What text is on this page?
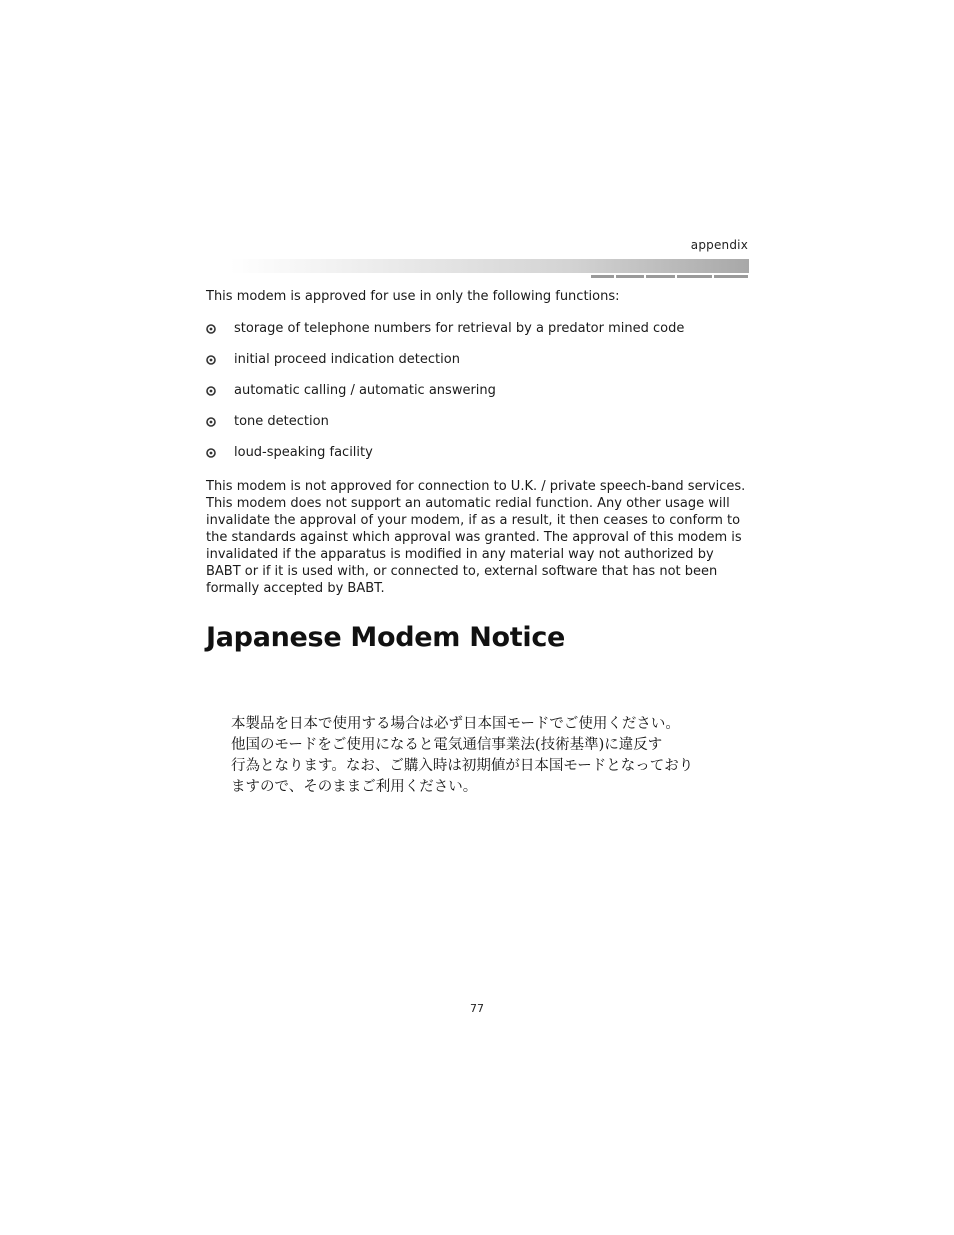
appendix

This modem is approved for use in only the following functions:

storage of telephone numbers for retrieval by a predator mined code
initial proceed indication detection
automatic calling / automatic answering
tone detection
loud-speaking facility

This modem is not approved for connection to U.K. / private speech-band services. This modem does not support an automatic redial function. Any other usage will invalidate the approval of your modem, if as a result, it then ceases to conform to the standards against which approval was granted. The approval of this modem is invalidated if the apparatus is modified in any material way not authorized by BABT or if it is used with, or connected to, external software that has not been formally accepted by BABT.

Japanese Modem Notice
本製品を日本で使用する場合は必ず日本国モードでご使用ください。
他国のモードをご使用になると電気通信事業法(技術基準)に違反す
行為となります。なお、ご購入時は初期値が日本国モードとなっており
ますので、そのままご利用ください。
77
